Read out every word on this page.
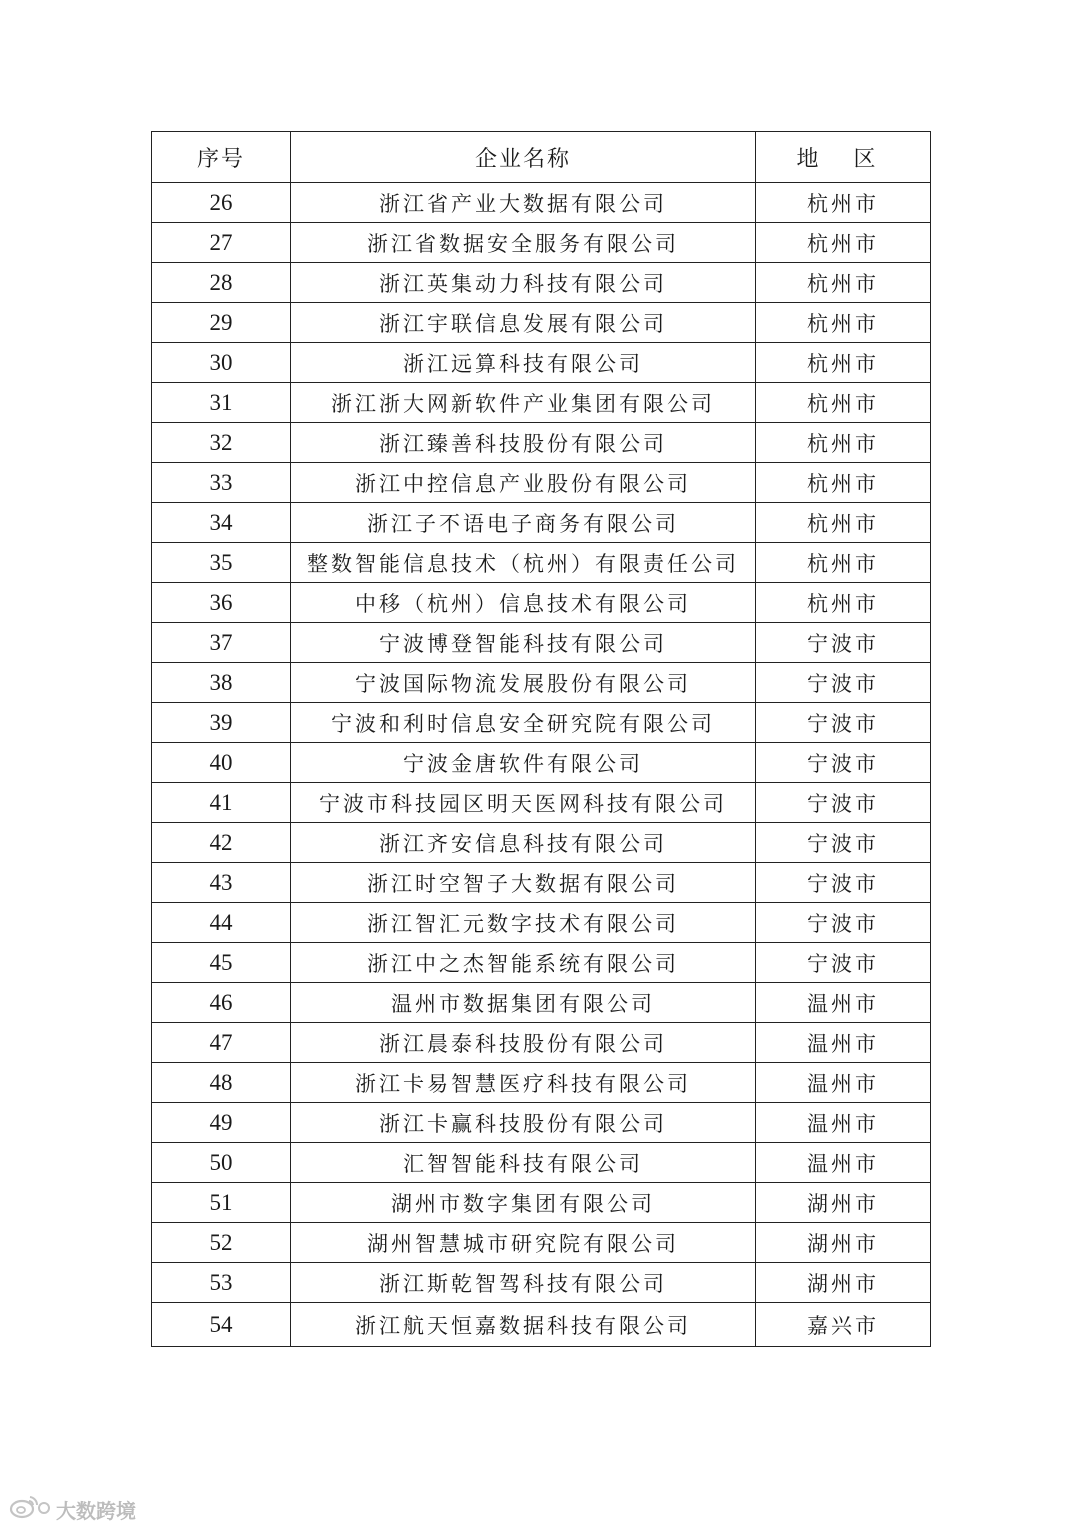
序号	企业名称	地 区
26	浙江省产业大数据有限公司	杭州市
27	浙江省数据安全服务有限公司	杭州市
28	浙江英集动力科技有限公司	杭州市
29	浙江宇联信息发展有限公司	杭州市
30	浙江远算科技有限公司	杭州市
31	浙江浙大网新软件产业集团有限公司	杭州市
32	浙江臻善科技股份有限公司	杭州市
33	浙江中控信息产业股份有限公司	杭州市
34	浙江子不语电子商务有限公司	杭州市
35	整数智能信息技术（杭州）有限责任公司	杭州市
36	中移（杭州）信息技术有限公司	杭州市
37	宁波博登智能科技有限公司	宁波市
38	宁波国际物流发展股份有限公司	宁波市
39	宁波和利时信息安全研究院有限公司	宁波市
40	宁波金唐软件有限公司	宁波市
41	宁波市科技园区明天医网科技有限公司	宁波市
42	浙江齐安信息科技有限公司	宁波市
43	浙江时空智子大数据有限公司	宁波市
44	浙江智汇元数字技术有限公司	宁波市
45	浙江中之杰智能系统有限公司	宁波市
46	温州市数据集团有限公司	温州市
47	浙江晨泰科技股份有限公司	温州市
48	浙江卡易智慧医疗科技有限公司	温州市
49	浙江卡赢科技股份有限公司	温州市
50	汇智智能科技有限公司	温州市
51	湖州市数字集团有限公司	湖州市
52	湖州智慧城市研究院有限公司	湖州市
53	浙江斯乾智驾科技有限公司	湖州市
54	浙江航天恒嘉数据科技有限公司	嘉兴市
大数跨境
